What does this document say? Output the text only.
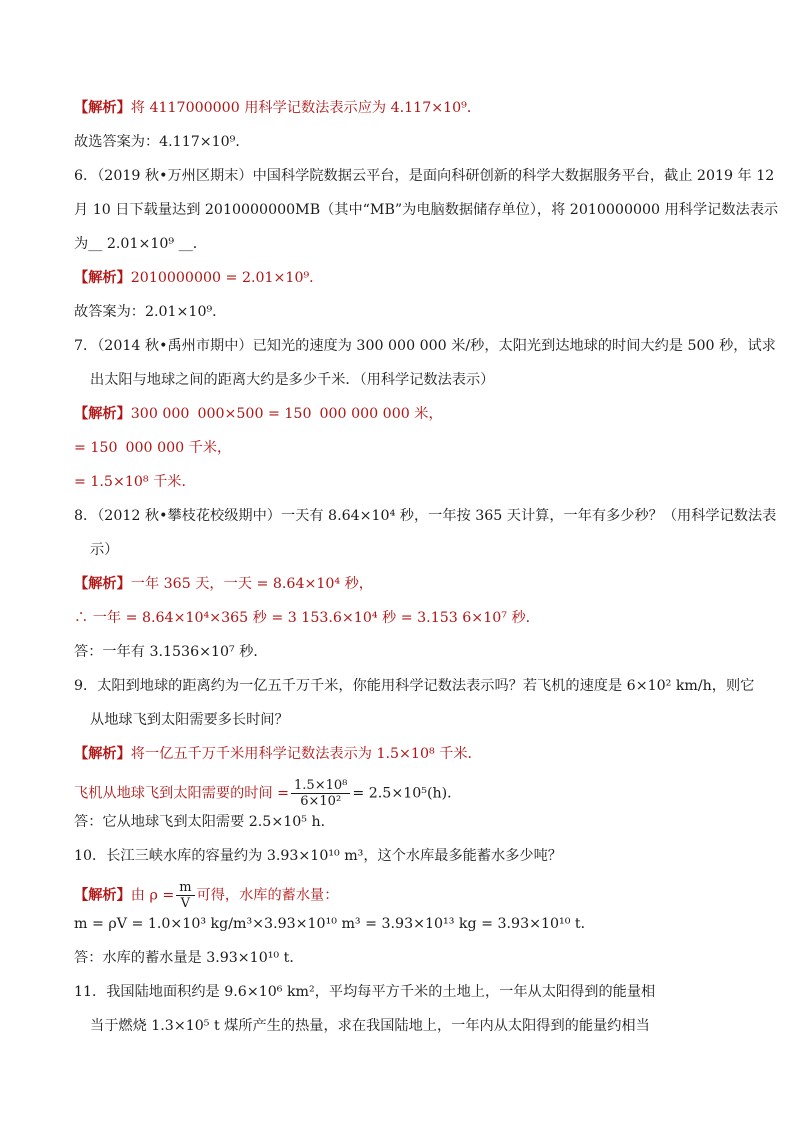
【解析】将 4117000000 用科学记数法表示应为 4.117×10⁹．
故选答案为：4.117×10⁹．
6．（2019 秋•万州区期末）中国科学院数据云平台，是面向科研创新的科学大数据服务平台，截止 2019 年 12
月 10 日下载量达到 2010000000MB（其中“MB”为电脑数据储存单位），将 2010000000 用科学记数法表示
为__ 2.01×10⁹ __．
【解析】2010000000 = 2.01×10⁹．
故答案为：2.01×10⁹．
7．（2014 秋•禹州市期中）已知光的速度为 300 000 000 米/秒，太阳光到达地球的时间大约是 500 秒，试求
出太阳与地球之间的距离大约是多少千米．（用科学记数法表示）
【解析】300 000 000×500 = 150 000 000 000 米，
= 150 000 000 千米，
= 1.5×10⁸ 千米．
8．（2012 秋•攀枝花校级期中）一天有 8.64×10⁴ 秒，一年按 365 天计算，一年有多少秒？（用科学记数法表
示）
【解析】一年 365 天，一天 = 8.64×10⁴ 秒，
∴ 一年 = 8.64×10⁴×365 秒 = 3 153.6×10⁴ 秒 = 3.153 6×10⁷ 秒．
答：一年有 3.1536×10⁷ 秒．
9．太阳到地球的距离约为一亿五千万千米，你能用科学记数法表示吗？若飞机的速度是 6×10² km/h，则它
从地球飞到太阳需要多长时间？
【解析】将一亿五千万千米用科学记数法表示为 1.5×10⁸ 千米．
飞机从地球飞到太阳需要的时间 = $\frac{\text{1.5×10⁸}}{\text{6×10²}} = 2.5\times 10^5(h)$．
答：它从地球飞到太阳需要 2.5×10⁵ h．
10．长江三峡水库的容量约为 3.93×10¹⁰ m³，这个水库最多能蓄水多少吨？
【解析】由 $\rho = \frac{m}{V}$ 可得，水库的蓄水量：
m = ρV = 1.0×10³ kg/m³×3.93×10¹⁰ m³ = 3.93×10¹³ kg = 3.93×10¹⁰ t．
答：水库的蓄水量是 3.93×10¹⁰ t．
11．我国陆地面积约是 9.6×10⁶ km²，平均每平方千米的土地上，一年从太阳得到的能量相
当于燃烧 1.3×10⁵ t 煤所产生的热量，求在我国陆地上，一年内从太阳得到的能量约相当
